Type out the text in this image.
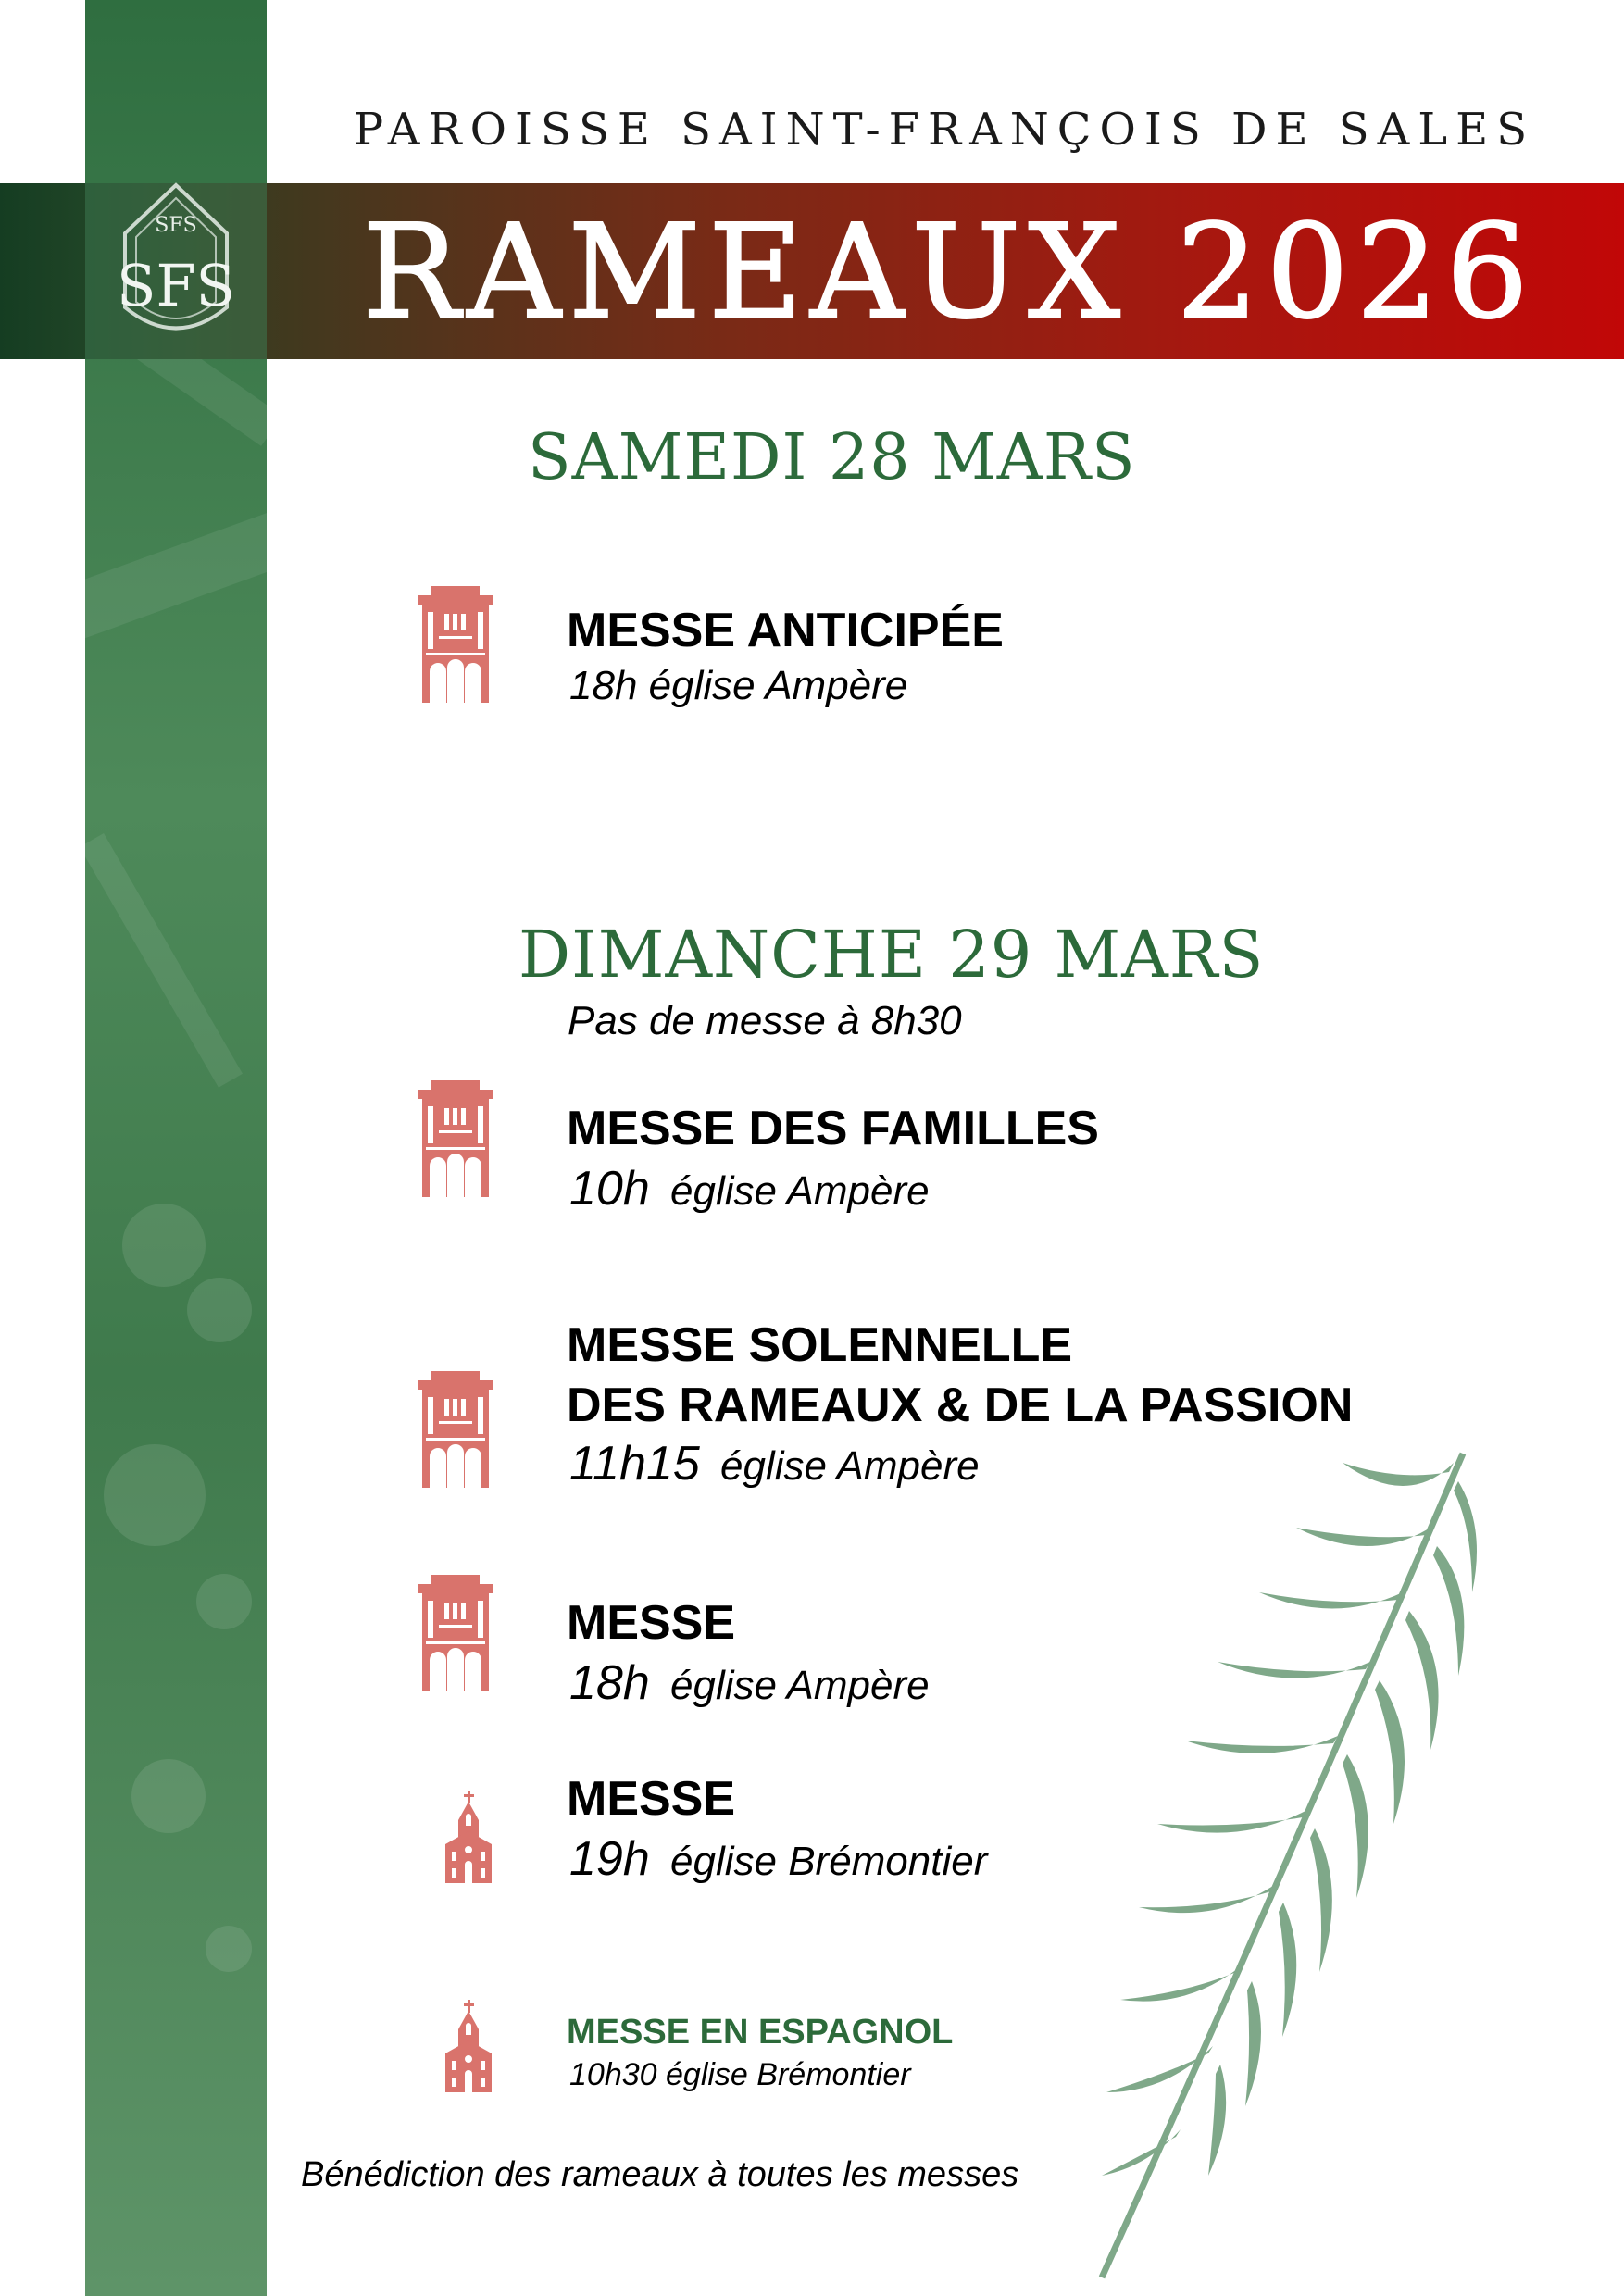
SFS
SFS
PAROISSE SAINT-FRANÇOIS DE SALES
RAMEAUX 2026
SAMEDI 28 MARS
MESSE ANTICIPÉE
18h église Ampère
DIMANCHE 29 MARS
Pas de messe à 8h30
MESSE DES FAMILLES
10h église Ampère
MESSE SOLENNELLE
DES RAMEAUX & DE LA PASSION
11h15 église Ampère
MESSE
18h église Ampère
MESSE
19h église Brémontier
MESSE EN ESPAGNOL
10h30 église Brémontier
Bénédiction des rameaux à toutes les messes
